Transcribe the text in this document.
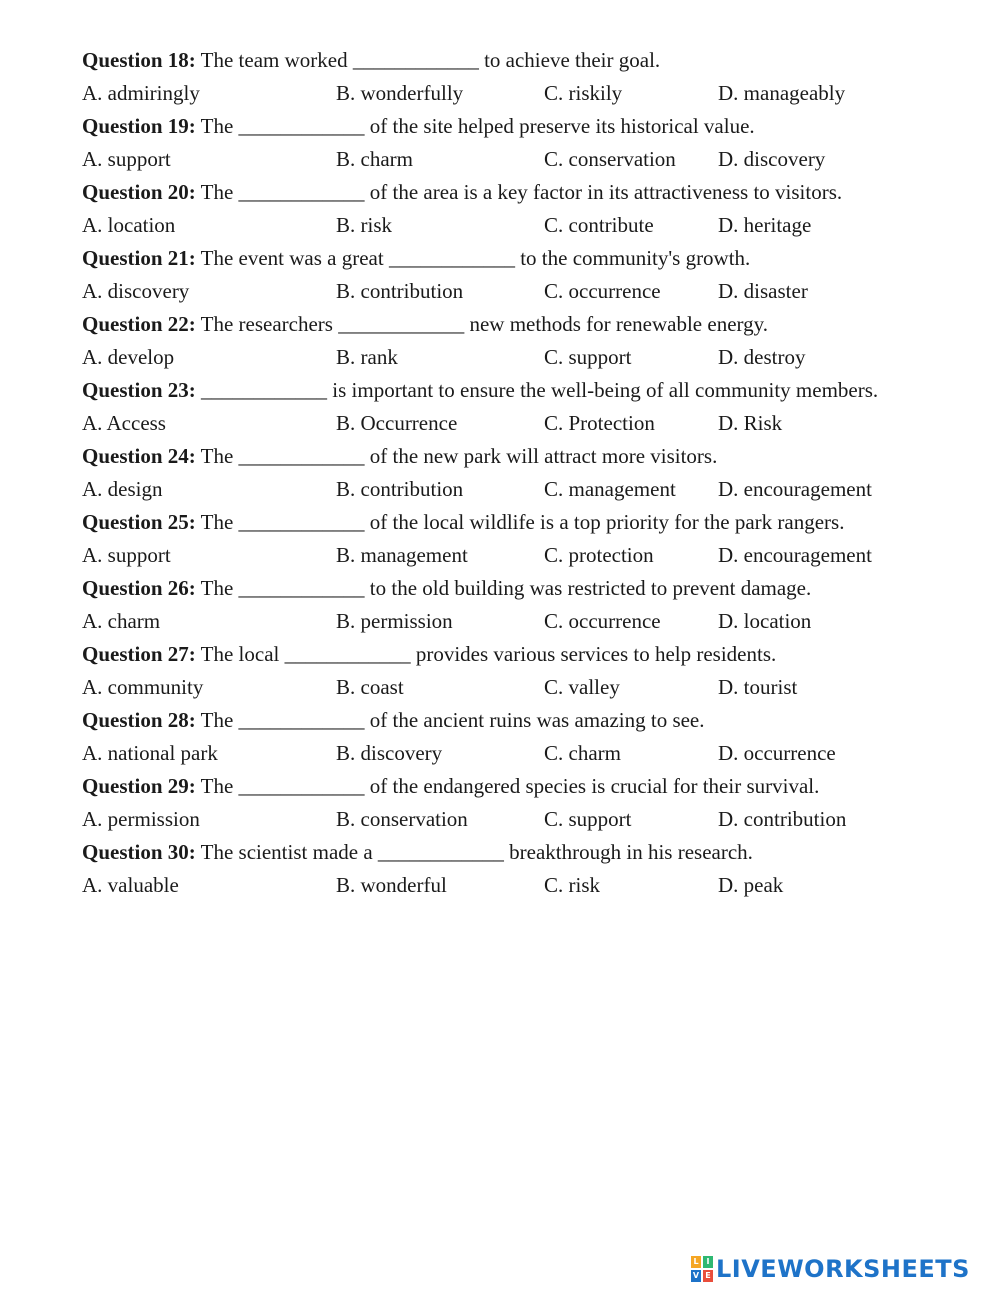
Question 18: The team worked ____________ to achieve their goal.
A. admiringly	B. wonderfully	C. riskily	D. manageably
Question 19: The ____________ of the site helped preserve its historical value.
A. support	B. charm	C. conservation D. discovery
Question 20: The ____________ of the area is a key factor in its attractiveness to visitors.
A. location	B. risk	C. contribute	D. heritage
Question 21: The event was a great ____________ to the community's growth.
A. discovery	B. contribution	C. occurrence	D. disaster
Question 22: The researchers ____________ new methods for renewable energy.
A. develop	B. rank	C. support	D. destroy
Question 23: ____________ is important to ensure the well-being of all community members.
A. Access	B. Occurrence	C. Protection	D. Risk
Question 24: The ____________ of the new park will attract more visitors.
A. design	B. contribution	C. management D. encouragement
Question 25: The ____________ of the local wildlife is a top priority for the park rangers.
A. support	B. management	C. protection	D. encouragement
Question 26: The ____________ to the old building was restricted to prevent damage.
A. charm	B. permission	C. occurrence	D. location
Question 27: The local ____________ provides various services to help residents.
A. community	B. coast	C. valley	D. tourist
Question 28: The ____________ of the ancient ruins was amazing to see.
A. national park	B. discovery	C. charm	D. occurrence
Question 29: The ____________ of the endangered species is crucial for their survival.
A. permission	B. conservation	C. support	D. contribution
Question 30: The scientist made a ____________ breakthrough in his research.
A. valuable	B. wonderful	C. risk	D. peak
L I
V E LIVEWORKSHEETS
